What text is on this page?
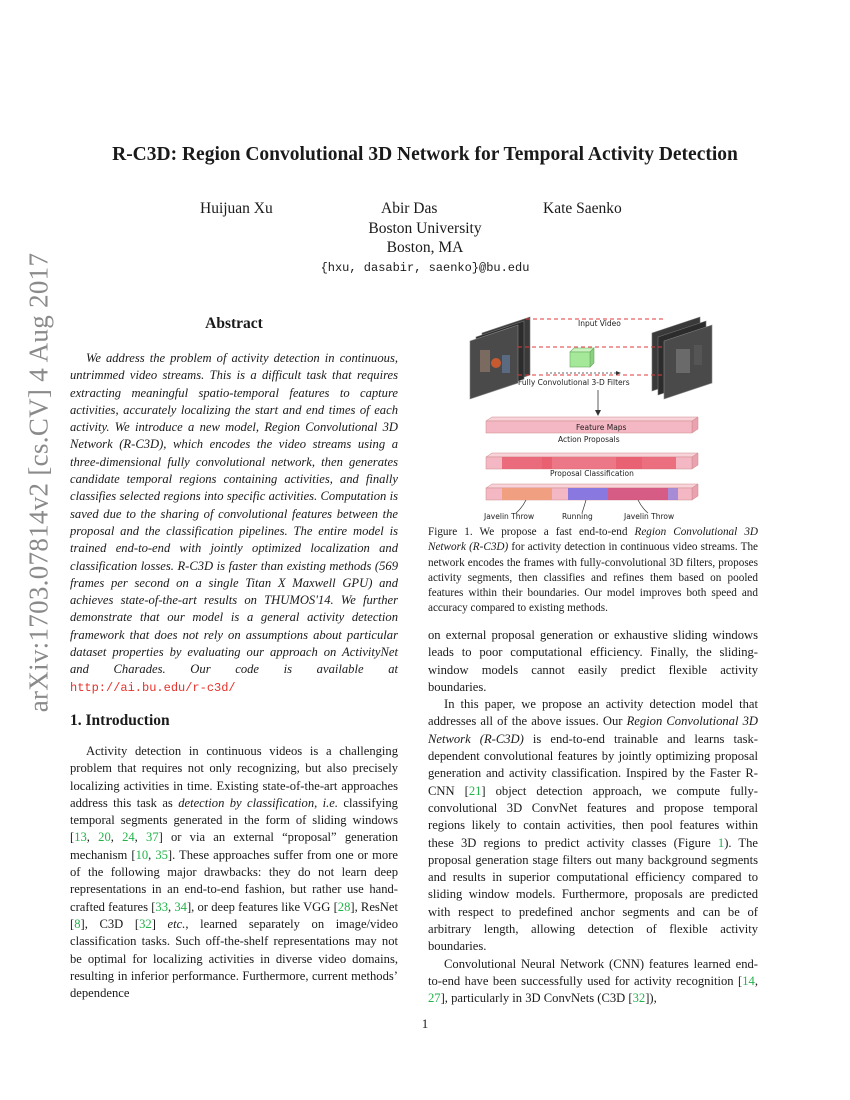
arXiv:1703.07814v2 [cs.CV] 4 Aug 2017
R-C3D: Region Convolutional 3D Network for Temporal Activity Detection
Huijuan Xu	Abir Das	Kate Saenko
Boston University
Boston, MA
{hxu, dasabir, saenko}@bu.edu
Abstract
We address the problem of activity detection in continuous, untrimmed video streams. This is a difficult task that requires extracting meaningful spatio-temporal features to capture activities, accurately localizing the start and end times of each activity. We introduce a new model, Region Convolutional 3D Network (R-C3D), which encodes the video streams using a three-dimensional fully convolutional network, then generates candidate temporal regions containing activities, and finally classifies selected regions into specific activities. Computation is saved due to the sharing of convolutional features between the proposal and the classification pipelines. The entire model is trained end-to-end with jointly optimized localization and classification losses. R-C3D is faster than existing methods (569 frames per second on a single Titan X Maxwell GPU) and achieves state-of-the-art results on THUMOS'14. We further demonstrate that our model is a general activity detection framework that does not rely on assumptions about particular dataset properties by evaluating our approach on ActivityNet and Charades. Our code is available at http://ai.bu.edu/r-c3d/
1. Introduction
Activity detection in continuous videos is a challenging problem that requires not only recognizing, but also precisely localizing activities in time. Existing state-of-the-art approaches address this task as detection by classification, i.e. classifying temporal segments generated in the form of sliding windows [13, 20, 24, 37] or via an external “proposal” generation mechanism [10, 35]. These approaches suffer from one or more of the following major drawbacks: they do not learn deep representations in an end-to-end fashion, but rather use hand-crafted features [33, 34], or deep features like VGG [28], ResNet [8], C3D [32] etc., learned separately on image/video classification tasks. Such off-the-shelf representations may not be optimal for localizing activities in diverse video domains, resulting in inferior performance. Furthermore, current methods’ dependence
Input Video
Fully Convolutional 3-D Filters
Feature Maps
Action Proposals
Proposal Classification
Javelin Throw	Running	Javelin Throw
Figure 1. We propose a fast end-to-end Region Convolutional 3D Network (R-C3D) for activity detection in continuous video streams. The network encodes the frames with fully-convolutional 3D filters, proposes activity segments, then classifies and refines them based on pooled features within their boundaries. Our model improves both speed and accuracy compared to existing methods.

on external proposal generation or exhaustive sliding windows leads to poor computational efficiency. Finally, the sliding-window models cannot easily predict flexible activity boundaries.

In this paper, we propose an activity detection model that addresses all of the above issues. Our Region Convolutional 3D Network (R-C3D) is end-to-end trainable and learns task-dependent convolutional features by jointly optimizing proposal generation and activity classification. Inspired by the Faster R-CNN [21] object detection approach, we compute fully-convolutional 3D ConvNet features and propose temporal regions likely to contain activities, then pool features within these 3D regions to predict activity classes (Figure 1). The proposal generation stage filters out many background segments and results in superior computational efficiency compared to sliding window models. Furthermore, proposals are predicted with respect to predefined anchor segments and can be of arbitrary length, allowing detection of flexible activity boundaries.

Convolutional Neural Network (CNN) features learned end-to-end have been successfully used for activity recognition [14, 27], particularly in 3D ConvNets (C3D [32]),

1
